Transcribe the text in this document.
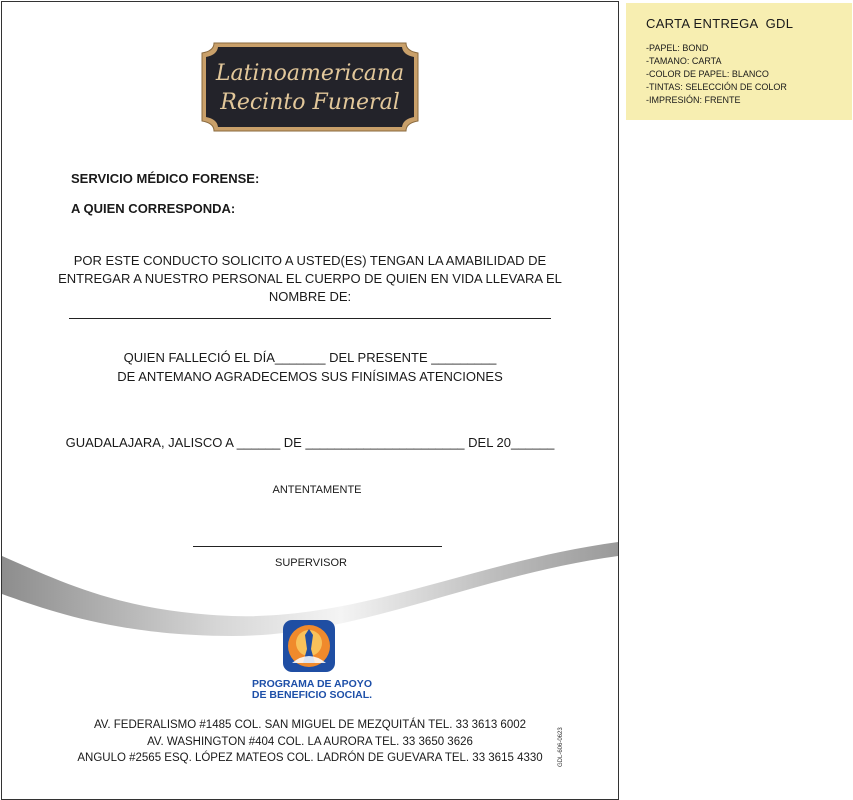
Latinoamericana
Recinto Funeral
SERVICIO MÉDICO FORENSE:
A QUIEN CORRESPONDA:
POR ESTE CONDUCTO SOLICITO A USTED(ES) TENGAN LA AMABILIDAD DE
ENTREGAR A NUESTRO PERSONAL EL CUERPO DE QUIEN EN VIDA LLEVARA EL
NOMBRE DE:
QUIEN FALLECIÓ EL DÍA_______ DEL PRESENTE _________
DE ANTEMANO AGRADECEMOS SUS FINÍSIMAS ATENCIONES
GUADALAJARA, JALISCO A ______ DE ______________________ DEL 20______
ANTENTAMENTE
SUPERVISOR
PROGRAMA DE APOYO
DE BENEFICIO SOCIAL.
AV. FEDERALISMO #1485 COL. SAN MIGUEL DE MEZQUITÁN TEL. 33 3613 6002
AV. WASHINGTON #404 COL. LA AURORA TEL. 33 3650 3626
ANGULO #2565 ESQ. LÓPEZ MATEOS COL. LADRÓN DE GUEVARA TEL. 33 3615 4330	GDL-606-0623
CARTA ENTREGA  GDL
-PAPEL: BOND
-TAMANO: CARTA
-COLOR DE PAPEL: BLANCO
-TINTAS: SELECCIÓN DE COLOR
-IMPRESIÓN: FRENTE
